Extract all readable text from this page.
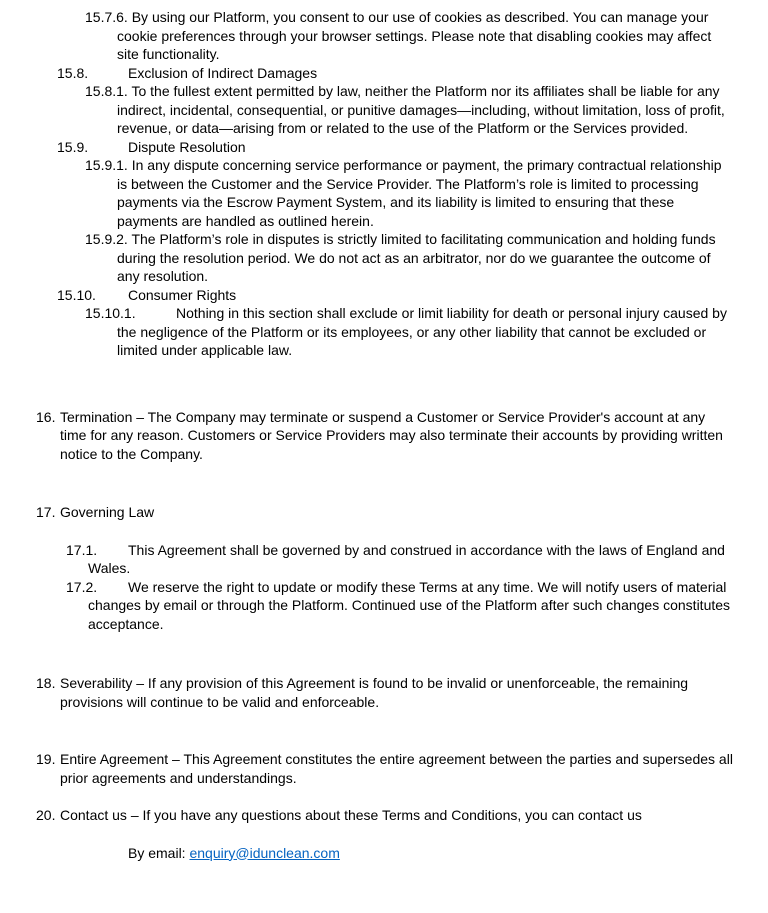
15.7.6. By using our Platform, you consent to our use of cookies as described. You can manage your cookie preferences through your browser settings. Please note that disabling cookies may affect site functionality.
15.8.	Exclusion of Indirect Damages
15.8.1. To the fullest extent permitted by law, neither the Platform nor its affiliates shall be liable for any indirect, incidental, consequential, or punitive damages—including, without limitation, loss of profit, revenue, or data—arising from or related to the use of the Platform or the Services provided.
15.9.	Dispute Resolution
15.9.1. In any dispute concerning service performance or payment, the primary contractual relationship is between the Customer and the Service Provider. The Platform’s role is limited to processing payments via the Escrow Payment System, and its liability is limited to ensuring that these payments are handled as outlined herein.
15.9.2. The Platform’s role in disputes is strictly limited to facilitating communication and holding funds during the resolution period. We do not act as an arbitrator, nor do we guarantee the outcome of any resolution.
15.10. Consumer Rights
15.10.1.	Nothing in this section shall exclude or limit liability for death or personal injury caused by the negligence of the Platform or its employees, or any other liability that cannot be excluded or limited under applicable law.
16. Termination – The Company may terminate or suspend a Customer or Service Provider's account at any time for any reason. Customers or Service Providers may also terminate their accounts by providing written notice to the Company.
17. Governing Law
17.1. This Agreement shall be governed by and construed in accordance with the laws of England and Wales.
17.2. We reserve the right to update or modify these Terms at any time. We will notify users of material changes by email or through the Platform. Continued use of the Platform after such changes constitutes acceptance.
18. Severability – If any provision of this Agreement is found to be invalid or unenforceable, the remaining provisions will continue to be valid and enforceable.
19. Entire Agreement – This Agreement constitutes the entire agreement between the parties and supersedes all prior agreements and understandings.
20. Contact us – If you have any questions about these Terms and Conditions, you can contact us
By email: enquiry@idunclean.com
